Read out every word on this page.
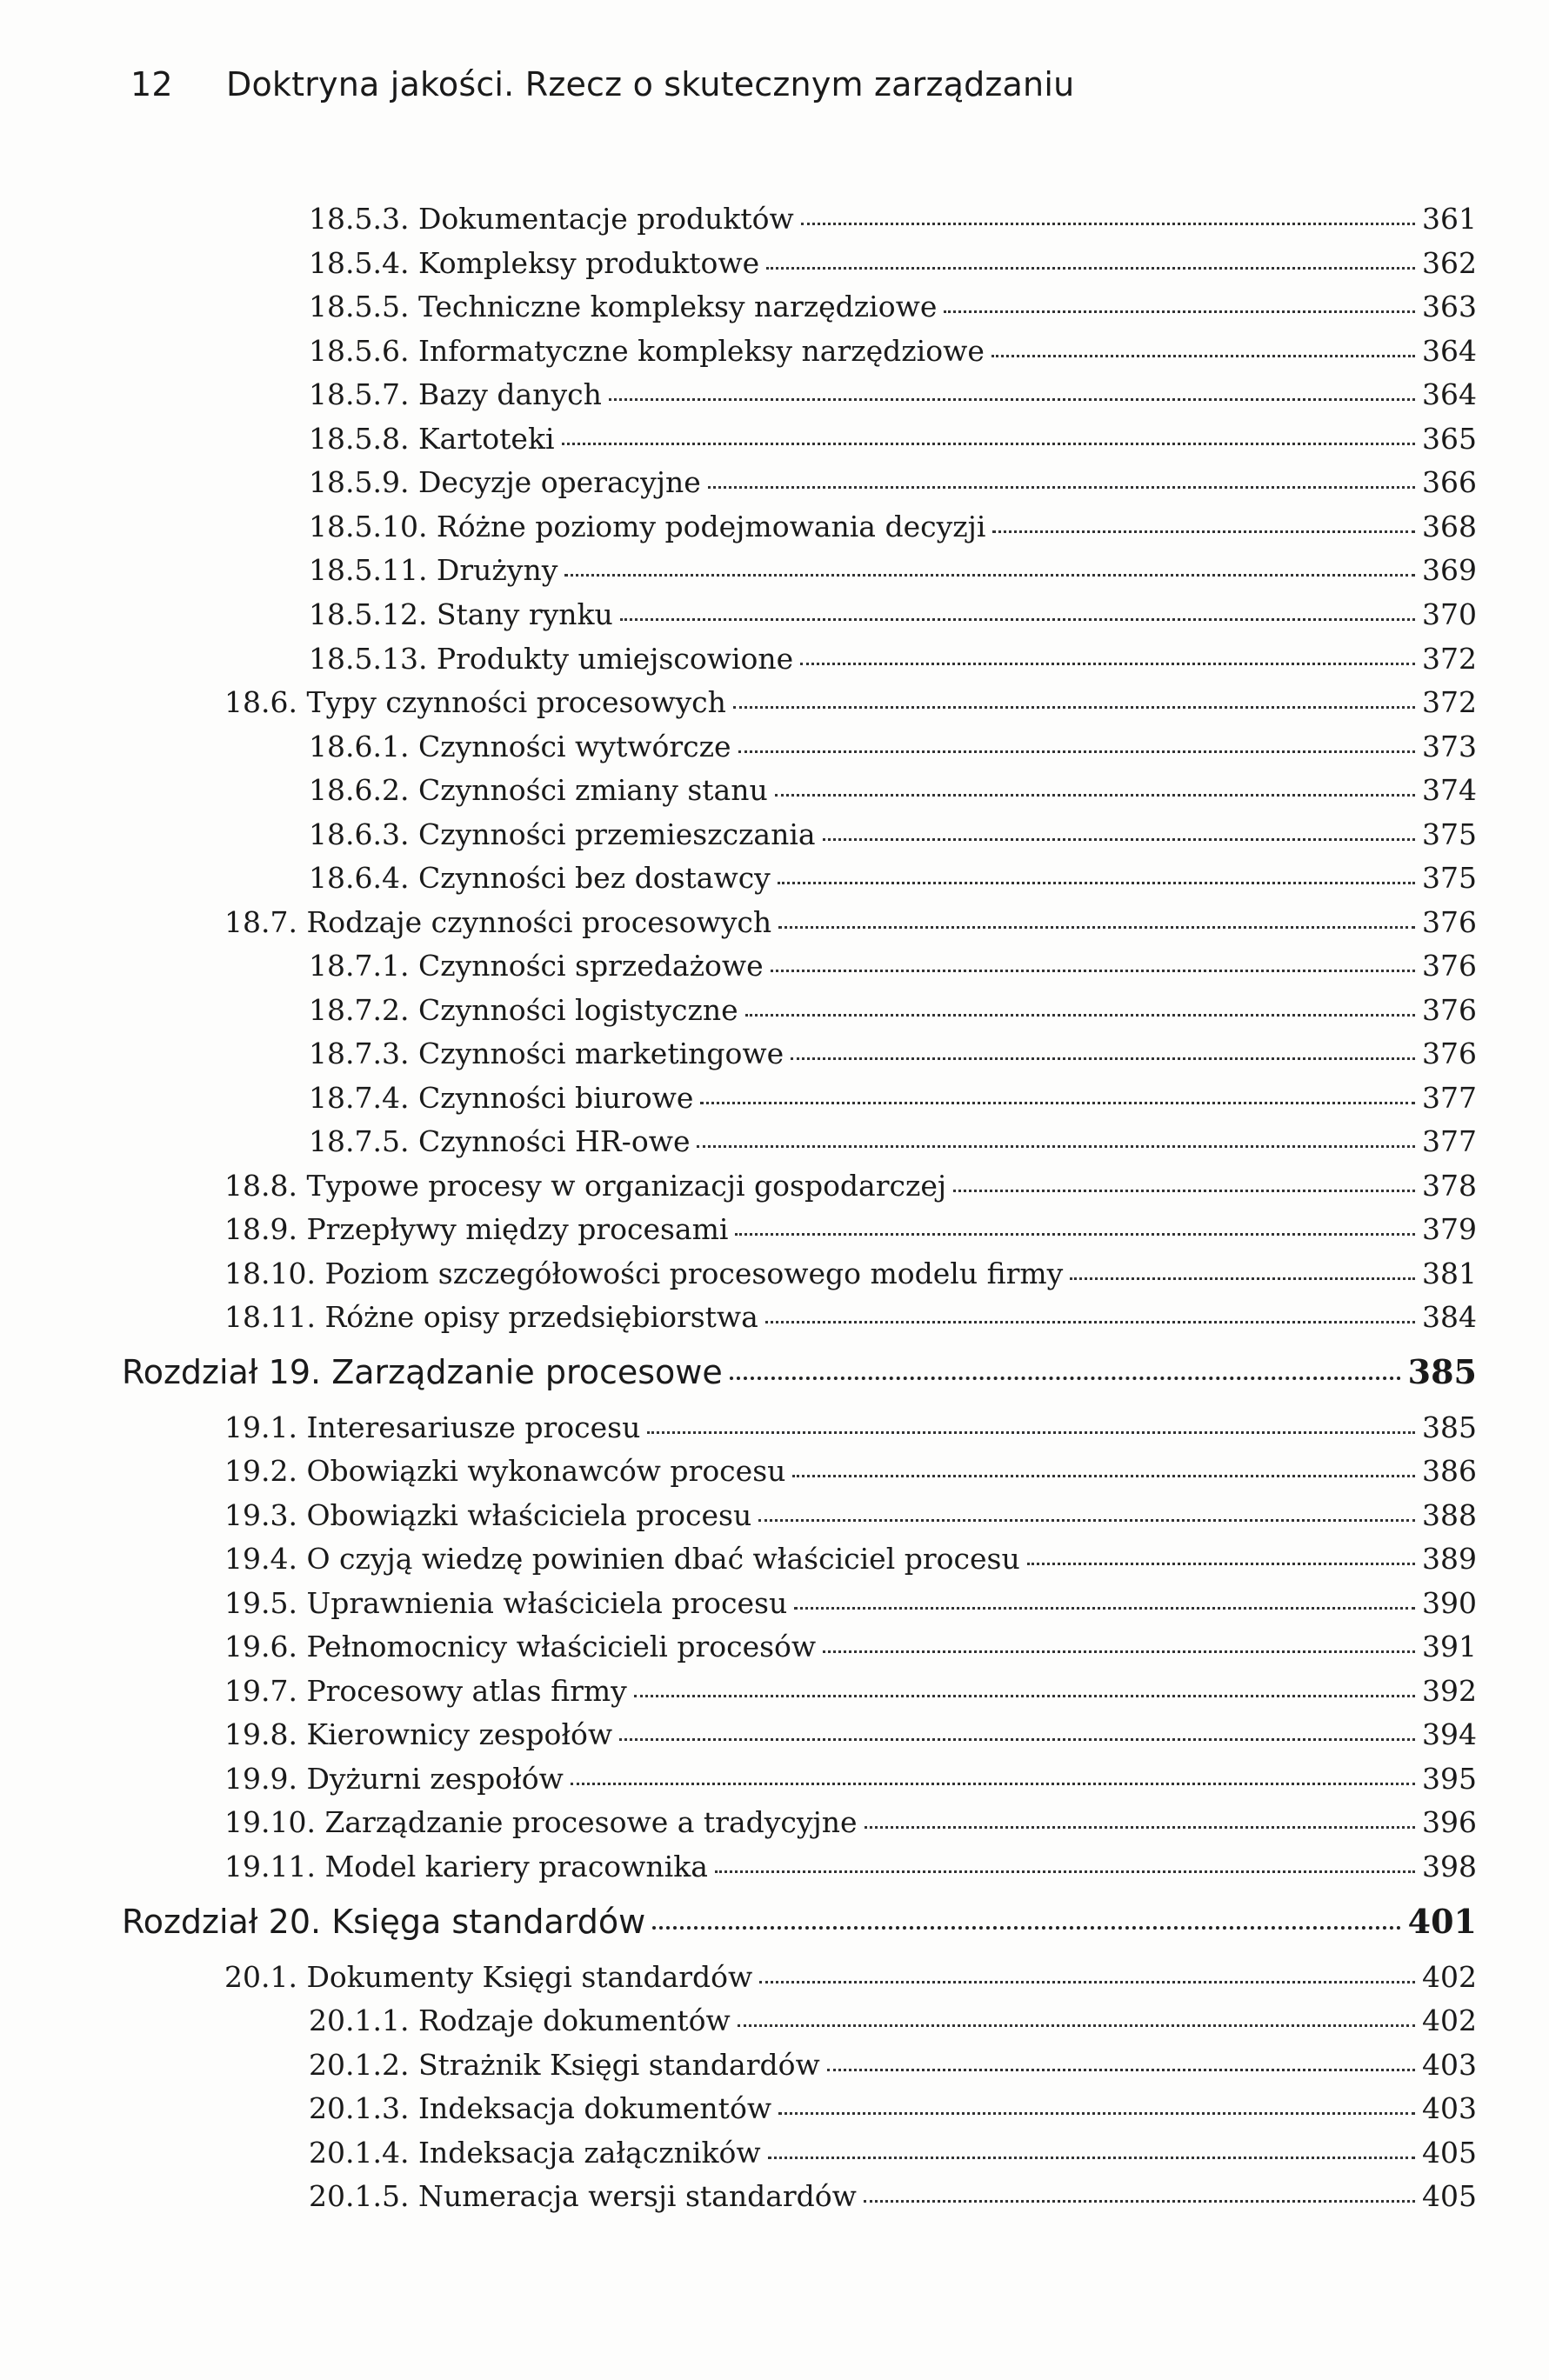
12 Doktryna jakości. Rzecz o skutecznym zarządzaniu
18.5.3. Dokumentacje produktów	361
18.5.4. Kompleksy produktowe	362
18.5.5. Techniczne kompleksy narzędziowe	363
18.5.6. Informatyczne kompleksy narzędziowe	364
18.5.7. Bazy danych	364
18.5.8. Kartoteki	365
18.5.9. Decyzje operacyjne	366
18.5.10. Różne poziomy podejmowania decyzji	368
18.5.11. Drużyny	369
18.5.12. Stany rynku	370
18.5.13. Produkty umiejscowione	372
18.6. Typy czynności procesowych	372
18.6.1. Czynności wytwórcze	373
18.6.2. Czynności zmiany stanu	374
18.6.3. Czynności przemieszczania	375
18.6.4. Czynności bez dostawcy	375
18.7. Rodzaje czynności procesowych	376
18.7.1. Czynności sprzedażowe	376
18.7.2. Czynności logistyczne	376
18.7.3. Czynności marketingowe	376
18.7.4. Czynności biurowe	377
18.7.5. Czynności HR-owe	377
18.8. Typowe procesy w organizacji gospodarczej	378
18.9. Przepływy między procesami	379
18.10. Poziom szczegółowości procesowego modelu firmy	381
18.11. Różne opisy przedsiębiorstwa	384
Rozdział 19. Zarządzanie procesowe	385
19.1. Interesariusze procesu	385
19.2. Obowiązki wykonawców procesu	386
19.3. Obowiązki właściciela procesu	388
19.4. O czyją wiedzę powinien dbać właściciel procesu	389
19.5. Uprawnienia właściciela procesu	390
19.6. Pełnomocnicy właścicieli procesów	391
19.7. Procesowy atlas firmy	392
19.8. Kierownicy zespołów	394
19.9. Dyżurni zespołów	395
19.10. Zarządzanie procesowe a tradycyjne	396
19.11. Model kariery pracownika	398
Rozdział 20. Księga standardów	401
20.1. Dokumenty Księgi standardów	402
20.1.1. Rodzaje dokumentów	402
20.1.2. Strażnik Księgi standardów	403
20.1.3. Indeksacja dokumentów	403
20.1.4. Indeksacja załączników	405
20.1.5. Numeracja wersji standardów	405
